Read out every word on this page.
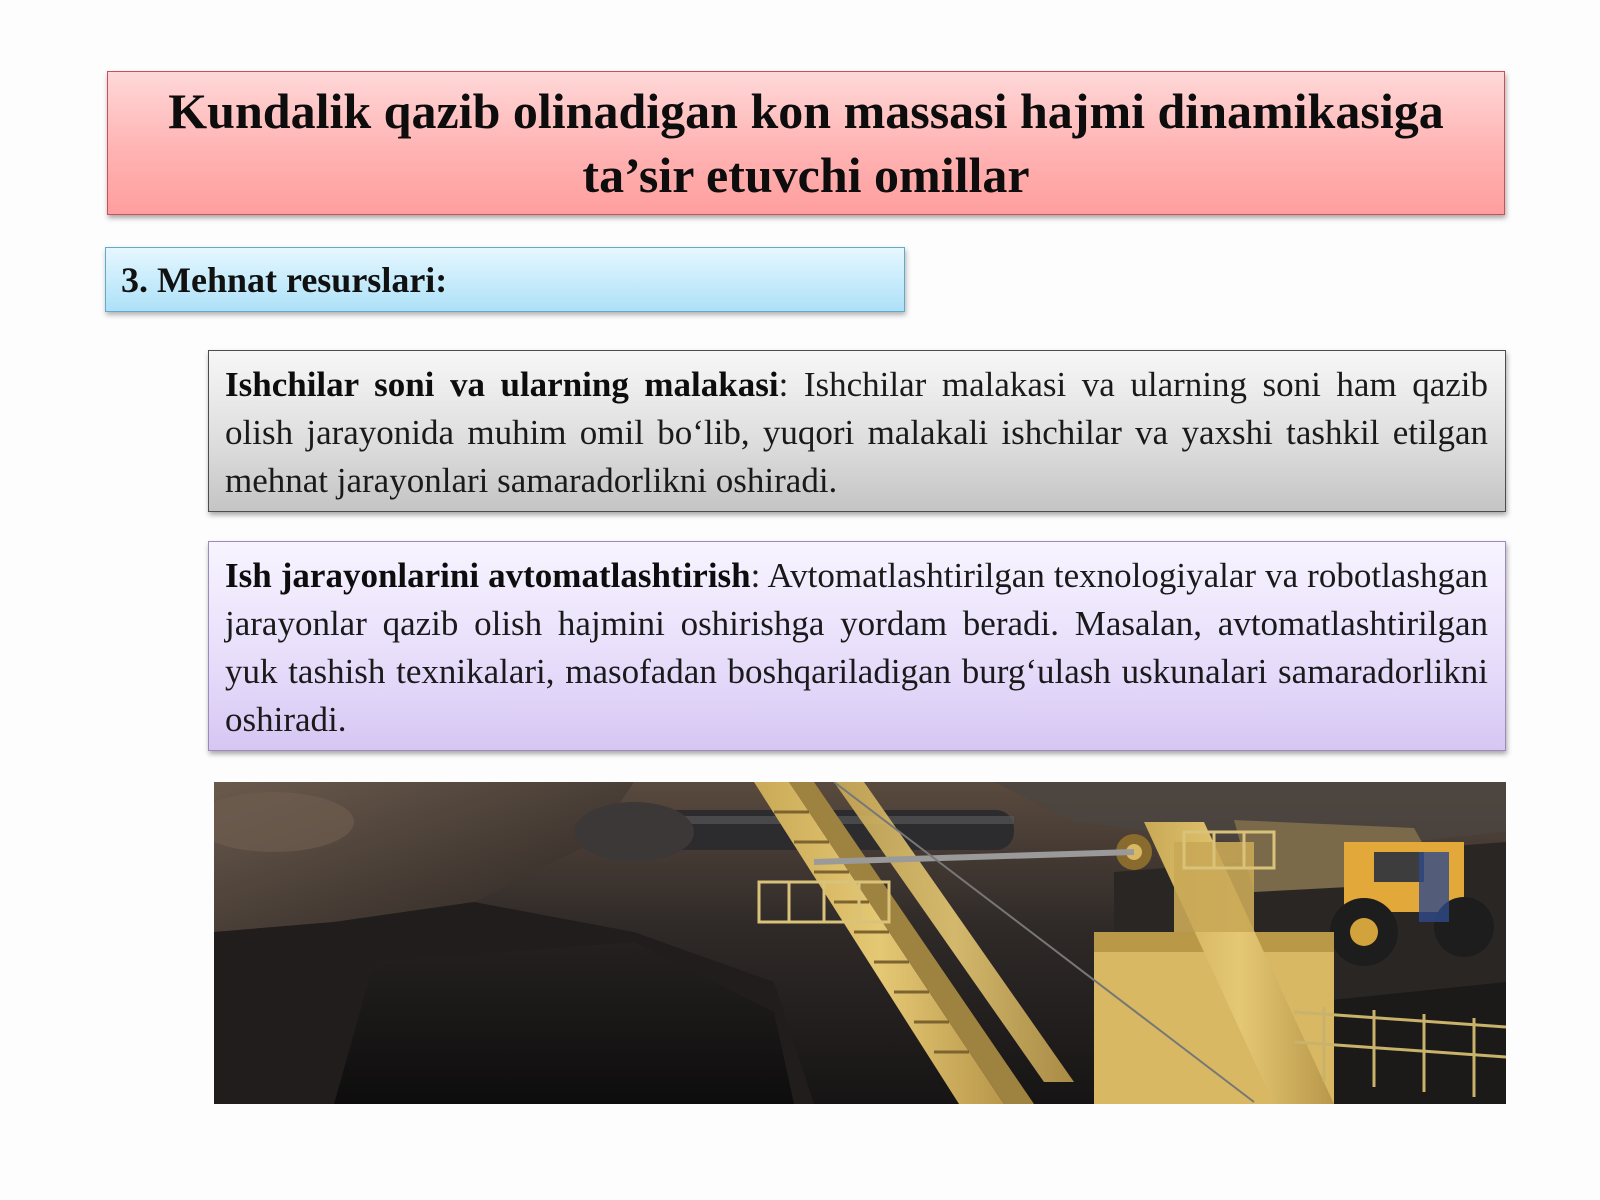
Kundalik qazib olinadigan kon massasi hajmi dinamikasiga ta’sir etuvchi omillar
3. Mehnat resurslari:
Ishchilar soni va ularning malakasi: Ishchilar malakasi va ularning soni ham qazib olish jarayonida muhim omil bo‘lib, yuqori malakali ishchilar va yaxshi tashkil etilgan mehnat jarayonlari samaradorlikni oshiradi.
Ish jarayonlarini avtomatlashtirish: Avtomatlashtirilgan texnologiyalar va robotlashgan jarayonlar qazib olish hajmini oshirishga yordam beradi. Masalan, avtomatlashtirilgan yuk tashish texnikalari, masofadan boshqariladigan burg‘ulash uskunalari samaradorlikni oshiradi.
